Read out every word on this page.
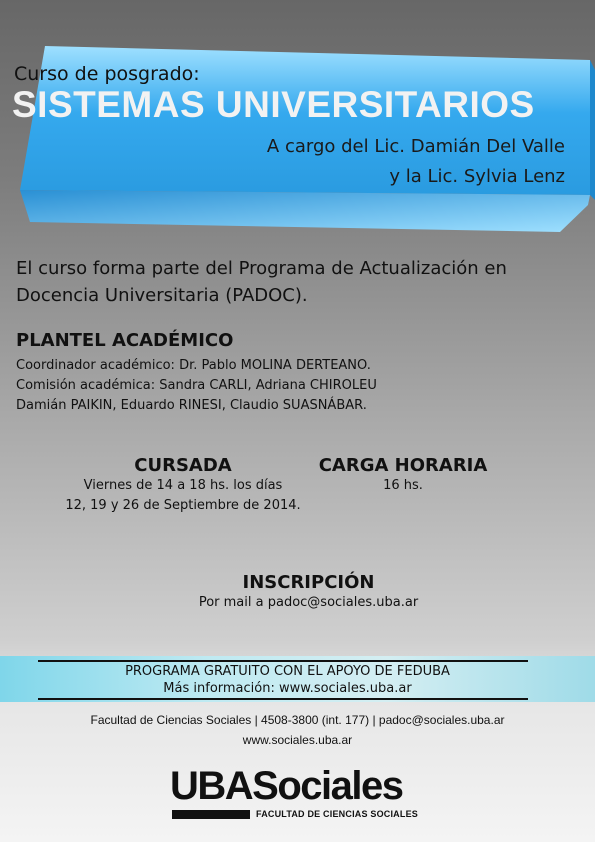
Curso de posgrado:

SISTEMAS UNIVERSITARIOS

A cargo del Lic. Damián Del Valle

y la Lic. Sylvia Lenz

El curso forma parte del Programa de Actualización en Docencia Universitaria (PADOC).

PLANTEL ACADÉMICO
Coordinador académico: Dr. Pablo MOLINA DERTEANO.
Comisión académica: Sandra CARLI, Adriana CHIROLEU
Damián PAIKIN, Eduardo RINESI, Claudio SUASNÁBAR.
CURSADA
Viernes de 14 a 18 hs. los días
12, 19 y 26 de Septiembre de 2014.
CARGA HORARIA
16 hs.
INSCRIPCIÓN
Por mail a padoc@sociales.uba.ar
PROGRAMA GRATUITO CON EL APOYO DE FEDUBA
Más información: www.sociales.uba.ar
Facultad de Ciencias Sociales | 4508-3800 (int. 177) | padoc@sociales.uba.ar
www.sociales.uba.ar
UBASociales
FACULTAD DE CIENCIAS SOCIALES
